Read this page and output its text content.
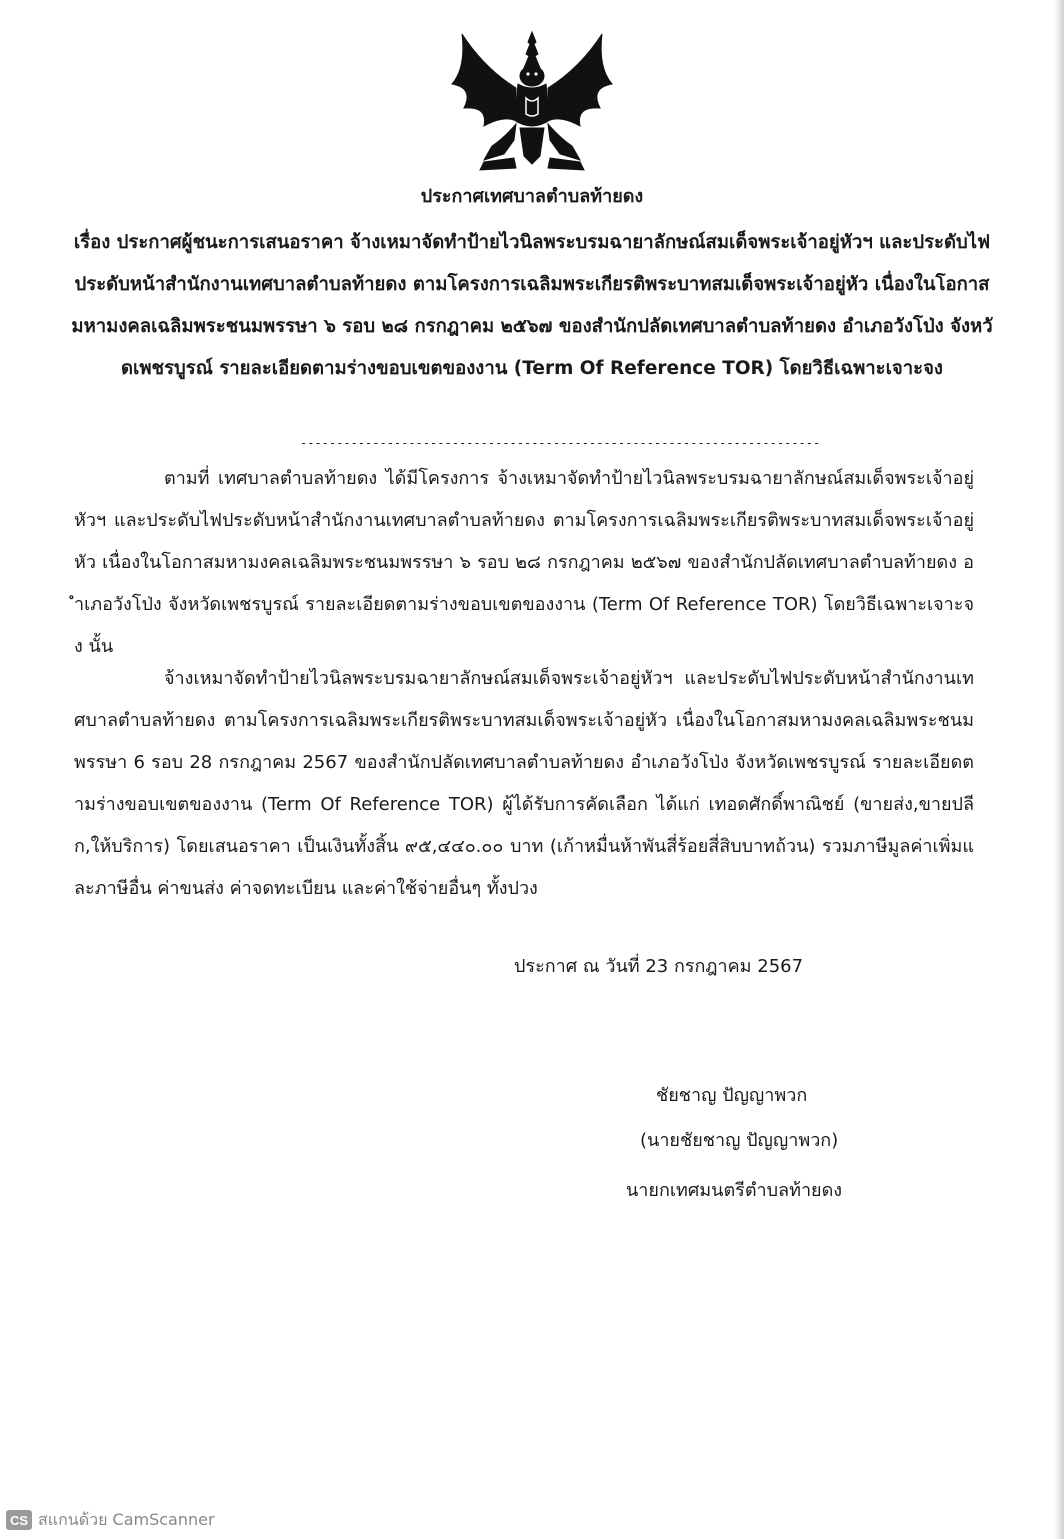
ประกาศเทศบาลตำบลท้ายดง
เรื่อง ประกาศผู้ชนะการเสนอราคา จ้างเหมาจัดทำป้ายไวนิลพระบรมฉายาลักษณ์สมเด็จพระเจ้าอยู่หัวฯ และประดับไฟประดับหน้าสำนักงานเทศบาลตำบลท้ายดง ตามโครงการเฉลิมพระเกียรติพระบาทสมเด็จพระเจ้าอยู่หัว เนื่องในโอกาสมหามงคลเฉลิมพระชนมพรรษา ๖ รอบ ๒๘ กรกฎาคม ๒๕๖๗ ของสำนักปลัดเทศบาลตำบลท้ายดง อำเภอวังโป่ง จังหวัดเพชรบูรณ์ รายละเอียดตามร่างขอบเขตของงาน (Term Of Reference TOR) โดยวิธีเฉพาะเจาะจง
------------------------------------------------------------------------
ตามที่ เทศบาลตำบลท้ายดง ได้มีโครงการ จ้างเหมาจัดทำป้ายไวนิลพระบรมฉายาลักษณ์สมเด็จพระเจ้าอยู่หัวฯ และประดับไฟประดับหน้าสำนักงานเทศบาลตำบลท้ายดง ตามโครงการเฉลิมพระเกียรติพระบาทสมเด็จพระเจ้าอยู่หัว เนื่องในโอกาสมหามงคลเฉลิมพระชนมพรรษา ๖ รอบ ๒๘ กรกฎาคม ๒๕๖๗ ของสำนักปลัดเทศบาลตำบลท้ายดง อำเภอวังโป่ง จังหวัดเพชรบูรณ์ รายละเอียดตามร่างขอบเขตของงาน (Term Of Reference TOR) โดยวิธีเฉพาะเจาะจง นั้น
จ้างเหมาจัดทำป้ายไวนิลพระบรมฉายาลักษณ์สมเด็จพระเจ้าอยู่หัวฯ และประดับไฟประดับหน้าสำนักงานเทศบาลตำบลท้ายดง ตามโครงการเฉลิมพระเกียรติพระบาทสมเด็จพระเจ้าอยู่หัว เนื่องในโอกาสมหามงคลเฉลิมพระชนมพรรษา 6 รอบ 28 กรกฎาคม 2567 ของสำนักปลัดเทศบาลตำบลท้ายดง อำเภอวังโป่ง จังหวัดเพชรบูรณ์ รายละเอียดตามร่างขอบเขตของงาน (Term Of Reference TOR) ผู้ได้รับการคัดเลือก ได้แก่ เทอดศักดิ์พาณิชย์ (ขายส่ง,ขายปลีก,ให้บริการ) โดยเสนอราคา เป็นเงินทั้งสิ้น ๙๕,๔๔๐.๐๐ บาท (เก้าหมื่นห้าพันสี่ร้อยสี่สิบบาทถ้วน) รวมภาษีมูลค่าเพิ่มและภาษีอื่น ค่าขนส่ง ค่าจดทะเบียน และค่าใช้จ่ายอื่นๆ ทั้งปวง
ประกาศ ณ วันที่ 23 กรกฎาคม 2567
ชัยชาญ ปัญญาพวก
(นายชัยชาญ ปัญญาพวก)
นายกเทศมนตรีตำบลท้ายดง
CS สแกนด้วย CamScanner
